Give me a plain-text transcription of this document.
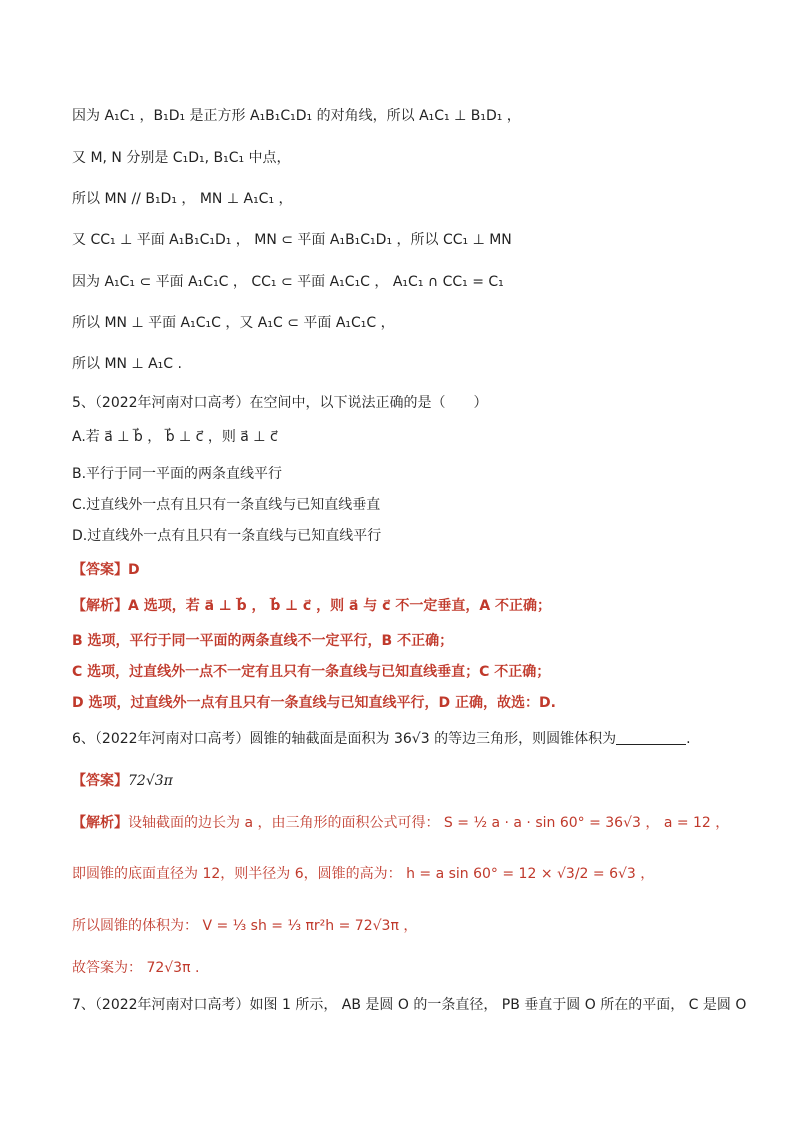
因为 A₁C₁ ，B₁D₁ 是正方形 A₁B₁C₁D₁ 的对角线，所以 A₁C₁ ⊥ B₁D₁ ，
又 M, N 分别是 C₁D₁, B₁C₁ 中点，
所以 MN // B₁D₁ ， MN ⊥ A₁C₁ ，
又 CC₁ ⊥ 平面 A₁B₁C₁D₁ ， MN ⊂ 平面 A₁B₁C₁D₁ ，所以 CC₁ ⊥ MN
因为 A₁C₁ ⊂ 平面 A₁C₁C ， CC₁ ⊂ 平面 A₁C₁C ， A₁C₁ ∩ CC₁ = C₁
所以 MN ⊥ 平面 A₁C₁C ，又 A₁C ⊂ 平面 A₁C₁C ，
所以 MN ⊥ A₁C .
5、（2022年河南对口高考）在空间中，以下说法正确的是（　　）
A.若 a⃗ ⊥ b⃗ ， b⃗ ⊥ c⃗ ，则 a⃗ ⊥ c⃗
B.平行于同一平面的两条直线平行
C.过直线外一点有且只有一条直线与已知直线垂直
D.过直线外一点有且只有一条直线与已知直线平行
【答案】D
【解析】A 选项，若 a⃗ ⊥ b⃗ ， b⃗ ⊥ c⃗ ，则 a⃗ 与 c⃗ 不一定垂直，A 不正确；
B 选项，平行于同一平面的两条直线不一定平行，B 不正确；
C 选项，过直线外一点不一定有且只有一条直线与已知直线垂直；C 不正确；
D 选项，过直线外一点有且只有一条直线与已知直线平行，D 正确，故选：D.
6、（2022年河南对口高考）圆锥的轴截面是面积为 36√3 的等边三角形，则圆锥体积为	.
【答案】72√3π
【解析】设轴截面的边长为 a ，由三角形的面积公式可得： S = ½ a · a · sin 60° = 36√3 ， a = 12 ，
即圆锥的底面直径为 12，则半径为 6，圆锥的高为： h = a sin 60° = 12 × √3/2 = 6√3 ，
所以圆锥的体积为： V = ⅓ sh = ⅓ πr²h = 72√3π ，
故答案为： 72√3π .
7、（2022年河南对口高考）如图 1 所示， AB 是圆 O 的一条直径， PB 垂直于圆 O 所在的平面， C 是圆 O
